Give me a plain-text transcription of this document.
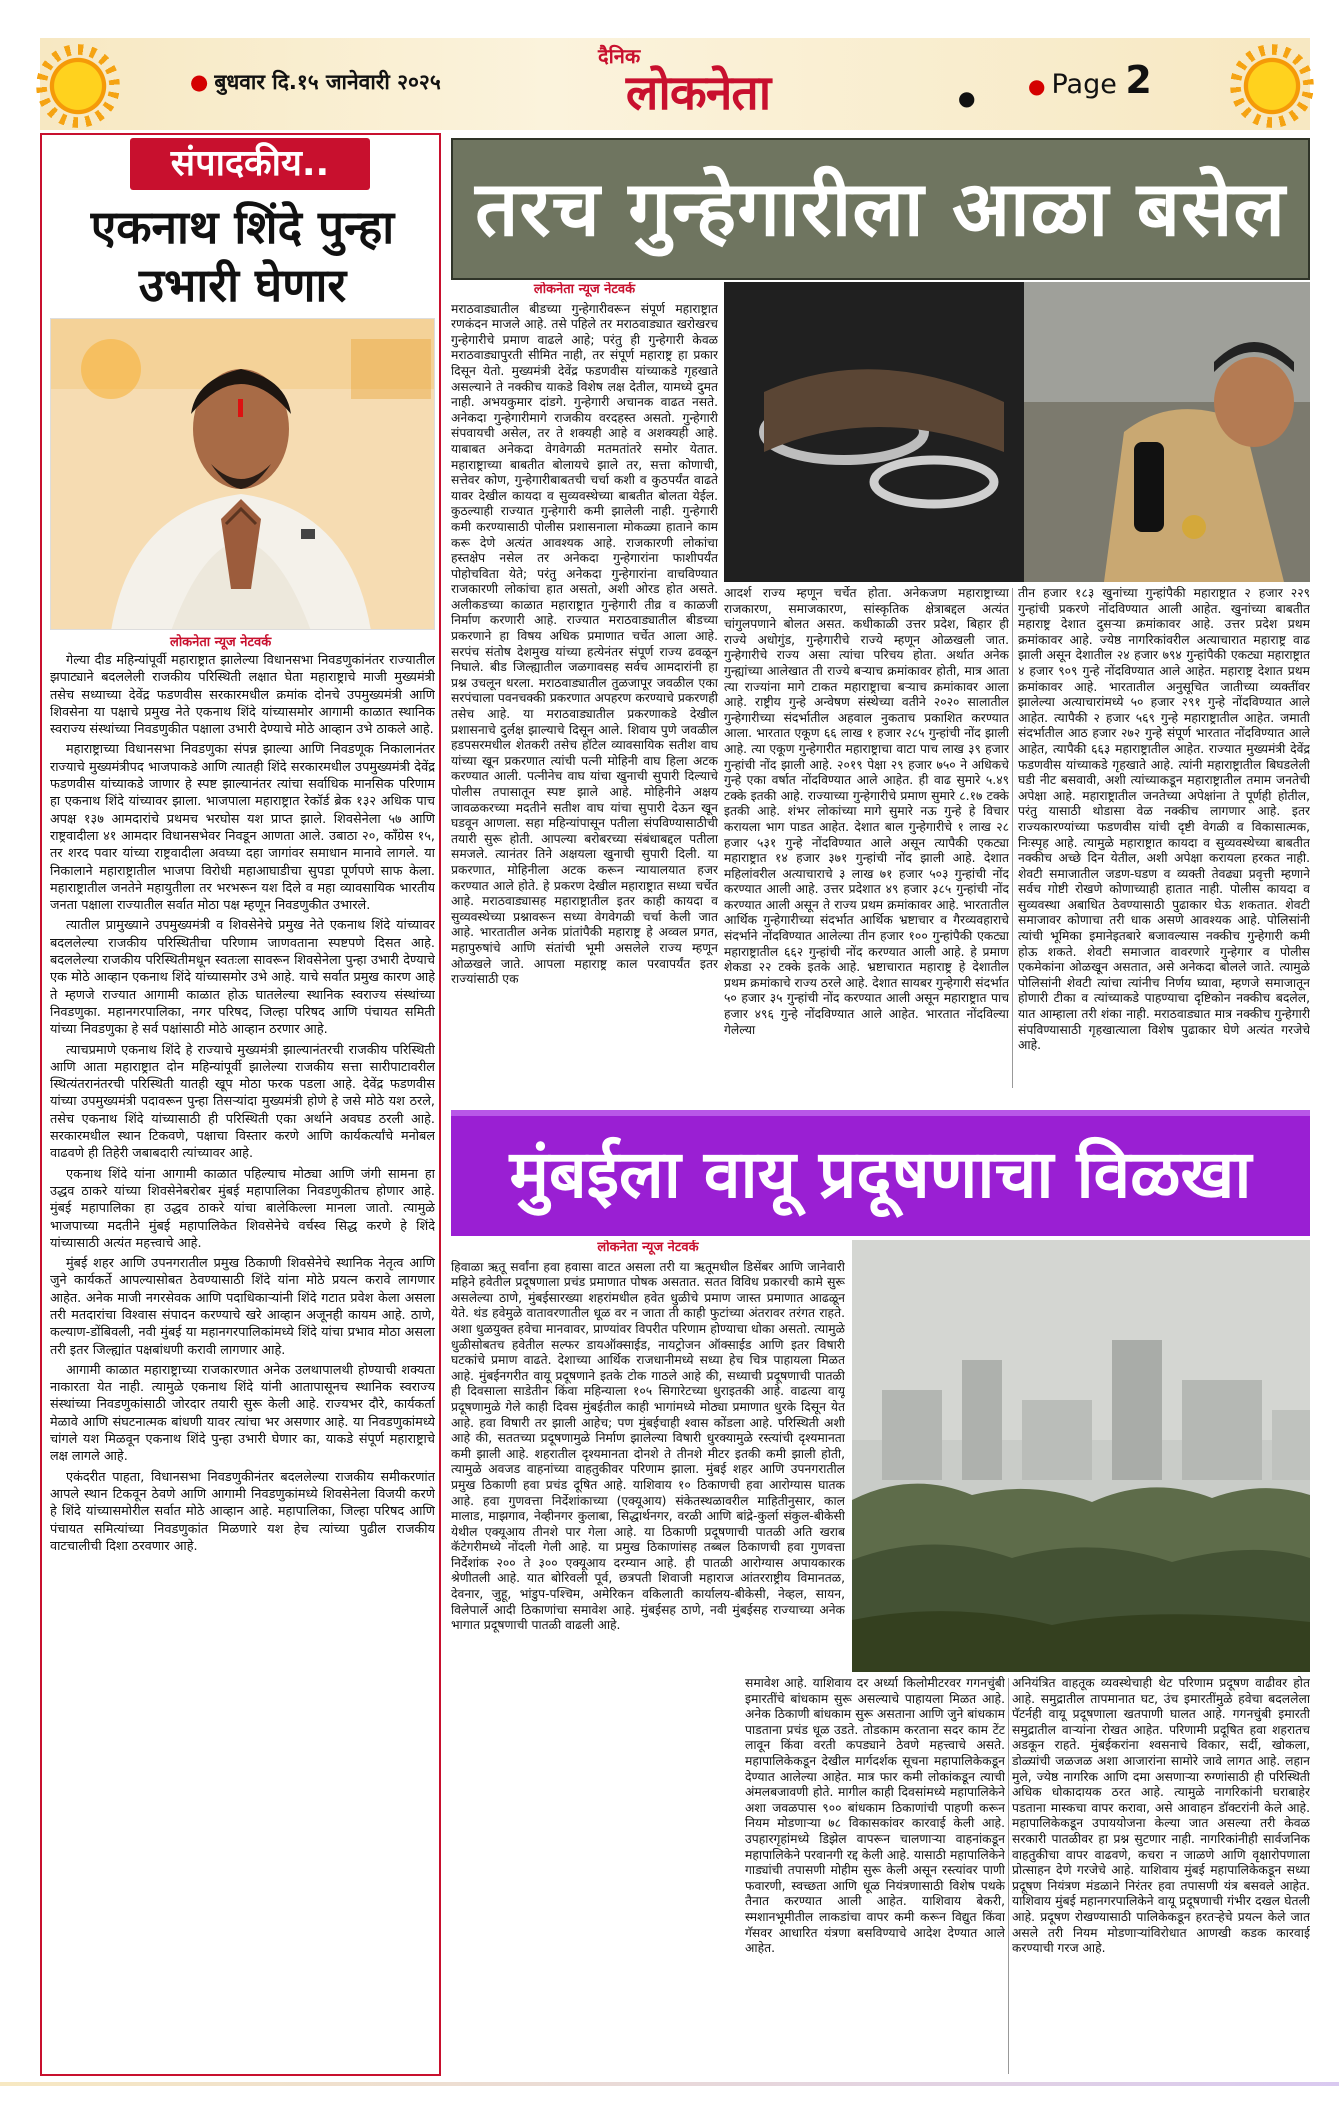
● बुधवार दि.१५ जानेवारी २०२५
दैनिक
लोकनेता	●
● Page 2
संपादकीय..
एकनाथ शिंदे पुन्हा
उभारी घेणार
लोकनेता न्यूज नेटवर्क

गेल्या दीड महिन्यांपूर्वी महाराष्ट्रात झालेल्या विधानसभा निवडणुकांनंतर राज्यातील झपाट्याने बदललेली राजकीय परिस्थिती लक्षात घेता महाराष्ट्राचे माजी मुख्यमंत्री तसेच सध्याच्या देवेंद्र फडणवीस सरकारमधील क्रमांक दोनचे उपमुख्यमंत्री आणि शिवसेना या पक्षाचे प्रमुख नेते एकनाथ शिंदे यांच्यासमोर आगामी काळात स्थानिक स्वराज्य संस्थांच्या निवडणुकीत पक्षाला उभारी देण्याचे मोठे आव्हान उभे ठाकले आहे.

महाराष्ट्राच्या विधानसभा निवडणुका संपन्न झाल्या आणि निवडणूक निकालानंतर राज्याचे मुख्यमंत्रीपद भाजपाकडे आणि त्यातही शिंदे सरकारमधील उपमुख्यमंत्री देवेंद्र फडणवीस यांच्याकडे जाणार हे स्पष्ट झाल्यानंतर त्यांचा सर्वाधिक मानसिक परिणाम हा एकनाथ शिंदे यांच्यावर झाला. भाजपाला महाराष्ट्रात रेकॉर्ड ब्रेक १३२ अधिक पाच अपक्ष १३७ आमदारांचे प्रथमच भरघोस यश प्राप्त झाले. शिवसेनेला ५७ आणि राष्ट्रवादीला ४१ आमदार विधानसभेवर निवडून आणता आले. उबाठा २०, काँग्रेस १५, तर शरद पवार यांच्या राष्ट्रवादीला अवघ्या दहा जागांवर समाधान मानावे लागले. या निकालाने महाराष्ट्रातील भाजपा विरोधी महाआघाडीचा सुपडा पूर्णपणे साफ केला. महाराष्ट्रातील जनतेने महायुतीला तर भरभरून यश दिले व महा व्यावसायिक भारतीय जनता पक्षाला राज्यातील सर्वात मोठा पक्ष म्हणून निवडणुकीत उभारले.

त्यातील प्रामुख्याने उपमुख्यमंत्री व शिवसेनेचे प्रमुख नेते एकनाथ शिंदे यांच्यावर बदललेल्या राजकीय परिस्थितीचा परिणाम जाणवताना स्पष्टपणे दिसत आहे. बदललेल्या राजकीय परिस्थितीमधून स्वतःला सावरून शिवसेनेला पुन्हा उभारी देण्याचे एक मोठे आव्हान एकनाथ शिंदे यांच्यासमोर उभे आहे. याचे सर्वात प्रमुख कारण आहे ते म्हणजे राज्यात आगामी काळात होऊ घातलेल्या स्थानिक स्वराज्य संस्थांच्या निवडणुका. महानगरपालिका, नगर परिषद, जिल्हा परिषद आणि पंचायत समिती यांच्या निवडणुका हे सर्व पक्षांसाठी मोठे आव्हान ठरणार आहे.

त्याचप्रमाणे एकनाथ शिंदे हे राज्याचे मुख्यमंत्री झाल्यानंतरची राजकीय परिस्थिती आणि आता महाराष्ट्रात दोन महिन्यांपूर्वी झालेल्या राजकीय सत्ता सारीपाटावरील स्थित्यंतरानंतरची परिस्थिती यातही खूप मोठा फरक पडला आहे. देवेंद्र फडणवीस यांच्या उपमुख्यमंत्री पदावरून पुन्हा तिसऱ्यांदा मुख्यमंत्री होणे हे जसे मोठे यश ठरले, तसेच एकनाथ शिंदे यांच्यासाठी ही परिस्थिती एका अर्थाने अवघड ठरली आहे. सरकारमधील स्थान टिकवणे, पक्षाचा विस्तार करणे आणि कार्यकर्त्यांचे मनोबल वाढवणे ही तिहेरी जबाबदारी त्यांच्यावर आहे.

एकनाथ शिंदे यांना आगामी काळात पहिल्याच मोठ्या आणि जंगी सामना हा उद्धव ठाकरे यांच्या शिवसेनेबरोबर मुंबई महापालिका निवडणुकीतच होणार आहे. मुंबई महापालिका हा उद्धव ठाकरे यांचा बालेकिल्ला मानला जातो. त्यामुळे भाजपाच्या मदतीने मुंबई महापालिकेत शिवसेनेचे वर्चस्व सिद्ध करणे हे शिंदे यांच्यासाठी अत्यंत महत्त्वाचे आहे.

मुंबई शहर आणि उपनगरातील प्रमुख ठिकाणी शिवसेनेचे स्थानिक नेतृत्व आणि जुने कार्यकर्ते आपल्यासोबत ठेवण्यासाठी शिंदे यांना मोठे प्रयत्न करावे लागणार आहेत. अनेक माजी नगरसेवक आणि पदाधिकाऱ्यांनी शिंदे गटात प्रवेश केला असला तरी मतदारांचा विश्वास संपादन करण्याचे खरे आव्हान अजूनही कायम आहे. ठाणे, कल्याण-डोंबिवली, नवी मुंबई या महानगरपालिकांमध्ये शिंदे यांचा प्रभाव मोठा असला तरी इतर जिल्ह्यांत पक्षबांधणी करावी लागणार आहे.

आगामी काळात महाराष्ट्राच्या राजकारणात अनेक उलथापालथी होण्याची शक्यता नाकारता येत नाही. त्यामुळे एकनाथ शिंदे यांनी आतापासूनच स्थानिक स्वराज्य संस्थांच्या निवडणुकांसाठी जोरदार तयारी सुरू केली आहे. राज्यभर दौरे, कार्यकर्ता मेळावे आणि संघटनात्मक बांधणी यावर त्यांचा भर असणार आहे. या निवडणुकांमध्ये चांगले यश मिळवून एकनाथ शिंदे पुन्हा उभारी घेणार का, याकडे संपूर्ण महाराष्ट्राचे लक्ष लागले आहे.

एकंदरीत पाहता, विधानसभा निवडणुकीनंतर बदललेल्या राजकीय समीकरणांत आपले स्थान टिकवून ठेवणे आणि आगामी निवडणुकांमध्ये शिवसेनेला विजयी करणे हे शिंदे यांच्यासमोरील सर्वात मोठे आव्हान आहे. महापालिका, जिल्हा परिषद आणि पंचायत समित्यांच्या निवडणुकांत मिळणारे यश हेच त्यांच्या पुढील राजकीय वाटचालीची दिशा ठरवणार आहे.

तरच गुन्हेगारीला आळा बसेल
लोकनेता न्यूज नेटवर्क
मराठवाड्यातील बीडच्या गुन्हेगारीवरून संपूर्ण महाराष्ट्रात रणकंदन माजले आहे. तसे पहिले तर मराठवाड्यात खरोखरच गुन्हेगारीचे प्रमाण वाढले आहे; परंतु ही गुन्हेगारी केवळ मराठवाड्यापुरती सीमित नाही, तर संपूर्ण महाराष्ट्र हा प्रकार दिसून येतो. मुख्यमंत्री देवेंद्र फडणवीस यांच्याकडे गृहखाते असल्याने ते नक्कीच याकडे विशेष लक्ष देतील, यामध्ये दुमत नाही. अभयकुमार दांडगे. गुन्हेगारी अचानक वाढत नसते. अनेकदा गुन्हेगारीमागे राजकीय वरदहस्त असतो. गुन्हेगारी संपवायची असेल, तर ते शक्यही आहे व अशक्यही आहे. याबाबत अनेकदा वेगवेगळी मतमतांतरे समोर येतात. महाराष्ट्राच्या बाबतीत बोलायचे झाले तर, सत्ता कोणाची, सत्तेवर कोण, गुन्हेगारीबाबतची चर्चा कशी व कुठपर्यंत वाढते यावर देखील कायदा व सुव्यवस्थेच्या बाबतीत बोलता येईल. कुठल्याही राज्यात गुन्हेगारी कमी झालेली नाही. गुन्हेगारी कमी करण्यासाठी पोलीस प्रशासनाला मोकळ्या हाताने काम करू देणे अत्यंत आवश्यक आहे. राजकारणी लोकांचा हस्तक्षेप नसेल तर अनेकदा गुन्हेगारांना फाशीपर्यंत पोहोचविता येते; परंतु अनेकदा गुन्हेगारांना वाचविण्यात राजकारणी लोकांचा हात असतो, अशी ओरड होत असते. अलीकडच्या काळात महाराष्ट्रात गुन्हेगारी तीव्र व काळजी निर्माण करणारी आहे. राज्यात मराठवाड्यातील बीडच्या प्रकरणाने हा विषय अधिक प्रमाणात चर्चेत आला आहे. सरपंच संतोष देशमुख यांच्या हत्येनंतर संपूर्ण राज्य ढवळून निघाले. बीड जिल्ह्यातील जळगावसह सर्वच आमदारांनी हा प्रश्न उचलून धरला. मराठवाड्यातील तुळजापूर जवळील एका सरपंचाला पवनचक्की प्रकरणात अपहरण करण्याचे प्रकरणही तसेच आहे. या मराठवाड्यातील प्रकरणाकडे देखील प्रशासनाचे दुर्लक्ष झाल्याचे दिसून आले. शिवाय पुणे जवळील हडपसरमधील शेतकरी तसेच हॉटेल व्यावसायिक सतीश वाघ यांच्या खून प्रकरणात त्यांची पत्नी मोहिनी वाघ हिला अटक करण्यात आली. पत्नीनेच वाघ यांचा खुनाची सुपारी दिल्याचे पोलीस तपासातून स्पष्ट झाले आहे. मोहिनीने अक्षय जावळकरच्या मदतीने सतीश वाघ यांचा सुपारी देऊन खून घडवून आणला. सहा महिन्यांपासून पतीला संपविण्यासाठीची तयारी सुरू होती. आपल्या बरोबरच्या संबंधाबद्दल पतीला समजले. त्यानंतर तिने अक्षयला खुनाची सुपारी दिली. या प्रकरणात, मोहिनीला अटक करून न्यायालयात हजर करण्यात आले होते. हे प्रकरण देखील महाराष्ट्रात सध्या चर्चेत आहे. मराठवाड्यासह महाराष्ट्रातील इतर काही कायदा व सुव्यवस्थेच्या प्रश्नावरून सध्या वेगवेगळी चर्चा केली जात आहे. भारतातील अनेक प्रांतांपैकी महाराष्ट्र हे अव्वल प्रगत, महापुरुषांचे आणि संतांची भूमी असलेले राज्य म्हणून ओळखले जाते. आपला महाराष्ट्र काल परवापर्यंत इतर राज्यांसाठी एक
आदर्श राज्य म्हणून चर्चेत होता. अनेकजण महाराष्ट्राच्या राजकारण, समाजकारण, सांस्कृतिक क्षेत्राबद्दल अत्यंत चांगुलपणाने बोलत असत. कधीकाळी उत्तर प्रदेश, बिहार ही राज्ये अधोगुंड, गुन्हेगारीचे राज्ये म्हणून ओळखली जात. गुन्हेगारीचे राज्य असा त्यांचा परिचय होता. अर्थात अनेक गुन्ह्यांच्या आलेखात ती राज्ये बऱ्याच क्रमांकावर होती, मात्र आता त्या राज्यांना मागे टाकत महाराष्ट्राचा बऱ्याच क्रमांकावर आला आहे. राष्ट्रीय गुन्हे अन्वेषण संस्थेच्या वतीने २०२० सालातील गुन्हेगारीच्या संदर्भातील अहवाल नुकताच प्रकाशित करण्यात आला. भारतात एकूण ६६ लाख १ हजार २८५ गुन्हांची नोंद झाली आहे. त्या एकूण गुन्हेगारीत महाराष्ट्राचा वाटा पाच लाख ३९ हजार गुन्हांची नोंद झाली आहे. २०१९ पेक्षा २९ हजार ७५० ने अधिकचे गुन्हे एका वर्षात नोंदविण्यात आले आहेत. ही वाढ सुमारे ५.४९ टक्के इतकी आहे. राज्याच्या गुन्हेगारीचे प्रमाण सुमारे ८.१७ टक्के इतकी आहे. शंभर लोकांच्या मागे सुमारे नऊ गुन्हे हे विचार करायला भाग पाडत आहेत. देशात बाल गुन्हेगारीचे १ लाख २८ हजार ५३१ गुन्हे नोंदविण्यात आले असून त्यापैकी एकट्या महाराष्ट्रात १४ हजार ३७१ गुन्हांची नोंद झाली आहे. देशात महिलांवरील अत्याचाराचे ३ लाख ७१ हजार ५०३ गुन्हांची नोंद करण्यात आली आहे. उत्तर प्रदेशात ४९ हजार ३८५ गुन्हांची नोंद करण्यात आली असून ते राज्य प्रथम क्रमांकावर आहे. भारतातील आर्थिक गुन्हेगारीच्या संदर्भात आर्थिक भ्रष्टाचार व गैरव्यवहाराचे संदर्भाने नोंदविण्यात आलेल्या तीन हजार १०० गुन्हांपैकी एकट्या महाराष्ट्रातील ६६२ गुन्हांची नोंद करण्यात आली आहे. हे प्रमाण शेकडा २२ टक्के इतके आहे. भ्रष्टाचारात महाराष्ट्र हे देशातील प्रथम क्रमांकाचे राज्य ठरले आहे. देशात सायबर गुन्हेगारी संदर्भात ५० हजार ३५ गुन्हांची नोंद करण्यात आली असून महाराष्ट्रात पाच हजार ४९६ गुन्हे नोंदविण्यात आले आहेत. भारतात नोंदविल्या गेलेल्या
तीन हजार १८३ खुनांच्या गुन्हांपैकी महाराष्ट्रात २ हजार २२९ गुन्हांची प्रकरणे नोंदविण्यात आली आहेत. खुनांच्या बाबतीत महाराष्ट्र देशात दुसऱ्या क्रमांकावर आहे. उत्तर प्रदेश प्रथम क्रमांकावर आहे. ज्येष्ठ नागरिकांवरील अत्याचारात महाराष्ट्र वाढ झाली असून देशातील २४ हजार ७९४ गुन्हांपैकी एकट्या महाराष्ट्रात ४ हजार ९०९ गुन्हे नोंदविण्यात आले आहेत. महाराष्ट्र देशात प्रथम क्रमांकावर आहे. भारतातील अनुसूचित जातीच्या व्यक्तींवर झालेल्या अत्याचारांमध्ये ५० हजार २९१ गुन्हे नोंदविण्यात आले आहेत. त्यापैकी २ हजार ५६९ गुन्हे महाराष्ट्रातील आहेत. जमाती संदर्भातील आठ हजार २७२ गुन्हे संपूर्ण भारतात नोंदविण्यात आले आहेत, त्यापैकी ६६३ महाराष्ट्रातील आहेत. राज्यात मुख्यमंत्री देवेंद्र फडणवीस यांच्याकडे गृहखाते आहे. त्यांनी महाराष्ट्रातील बिघडलेली घडी नीट बसवावी, अशी त्यांच्याकडून महाराष्ट्रातील तमाम जनतेची अपेक्षा आहे. महाराष्ट्रातील जनतेच्या अपेक्षांना ते पूर्णही होतील, परंतु यासाठी थोडासा वेळ नक्कीच लागणार आहे. इतर राज्यकारण्यांच्या फडणवीस यांची दृष्टी वेगळी व विकासात्मक, निःस्पृह आहे. त्यामुळे महाराष्ट्रात कायदा व सुव्यवस्थेच्या बाबतीत नक्कीच अच्छे दिन येतील, अशी अपेक्षा करायला हरकत नाही. शेवटी समाजातील जडण-घडण व व्यक्ती तेवढ्या प्रवृत्ती म्हणाने सर्वच गोष्टी रोखणे कोणाच्याही हातात नाही. पोलीस कायदा व सुव्यवस्था अबाधित ठेवण्यासाठी पुढाकार घेऊ शकतात. शेवटी समाजावर कोणाचा तरी धाक असणे आवश्यक आहे. पोलिसांनी त्यांची भूमिका इमानेइतबारे बजावल्यास नक्कीच गुन्हेगारी कमी होऊ शकते. शेवटी समाजात वावरणारे गुन्हेगार व पोलीस एकमेकांना ओळखून असतात, असे अनेकदा बोलले जाते. त्यामुळे पोलिसांनी शेवटी त्यांचा त्यांनीच निर्णय घ्यावा, म्हणजे समाजातून होणारी टीका व त्यांच्याकडे पाहण्याचा दृष्टिकोन नक्कीच बदलेल, यात आम्हाला तरी शंका नाही. मराठवाड्यात मात्र नक्कीच गुन्हेगारी संपविण्यासाठी गृहखात्याला विशेष पुढाकार घेणे अत्यंत गरजेचे आहे.
मुंबईला वायू प्रदूषणाचा विळखा
लोकनेता न्यूज नेटवर्क
हिवाळा ऋतू सर्वांना हवा हवासा वाटत असला तरी या ऋतूमधील डिसेंबर आणि जानेवारी महिने हवेतील प्रदूषणाला प्रचंड प्रमाणात पोषक असतात. सतत विविध प्रकारची कामे सुरू असलेल्या ठाणे, मुंबईसारख्या शहरांमधील हवेत धुळीचे प्रमाण जास्त प्रमाणात आढळून येते. थंड हवेमुळे वातावरणातील धूळ वर न जाता ती काही फुटांच्या अंतरावर तरंगत राहते. अशा धुळयुक्त हवेचा मानवावर, प्राण्यांवर विपरीत परिणाम होण्याचा धोका असतो. त्यामुळे धुळीसोबतच हवेतील सल्फर डायऑक्साईड, नायट्रोजन ऑक्साईड आणि इतर विषारी घटकांचे प्रमाण वाढते. देशाच्या आर्थिक राजधानीमध्ये सध्या हेच चित्र पाहायला मिळत आहे. मुंबईनगरीत वायू प्रदूषणाने इतके टोक गाठले आहे की, सध्याची प्रदूषणाची पातळी ही दिवसाला साडेतीन किंवा महिन्याला १०५ सिगारेटच्या धुराइतकी आहे. वाढत्या वायू प्रदूषणामुळे गेले काही दिवस मुंबईतील काही भागांमध्ये मोठ्या प्रमाणात धुरके दिसून येत आहे. हवा विषारी तर झाली आहेच; पण मुंबईचाही श्वास कोंडला आहे. परिस्थिती अशी आहे की, सततच्या प्रदूषणामुळे निर्माण झालेल्या विषारी धुरक्यामुळे रस्त्यांची दृश्यमानता कमी झाली आहे. शहरातील दृश्यमानता दोनशे ते तीनशे मीटर इतकी कमी झाली होती, त्यामुळे अवजड वाहनांच्या वाहतुकीवर परिणाम झाला. मुंबई शहर आणि उपनगरातील प्रमुख ठिकाणी हवा प्रचंड दूषित आहे. याशिवाय १० ठिकाणची हवा आरोग्यास घातक आहे. हवा गुणवत्ता निर्देशांकाच्या (एक्यूआय) संकेतस्थळावरील माहितीनुसार, काल मालाड, माझगाव, नेव्हीनगर कुलाबा, सिद्धार्थनगर, वरळी आणि बांद्रे-कुर्ला संकुल-बीकेसी येथील एक्यूआय तीनशे पार गेला आहे. या ठिकाणी प्रदूषणाची पातळी अति खराब कॅटेगरीमध्ये नोंदली गेली आहे. या प्रमुख ठिकाणांसह तब्बल ठिकाणची हवा गुणवत्ता निर्देशांक २०० ते ३०० एक्यूआय दरम्यान आहे. ही पातळी आरोग्यास अपायकारक श्रेणीतली आहे. यात बोरिवली पूर्व, छत्रपती शिवाजी महाराज आंतरराष्ट्रीय विमानतळ, देवनार, जुहू, भांडुप-पश्चिम, अमेरिकन वकिलाती कार्यालय-बीकेसी, नेव्हल, सायन, विलेपार्ले आदी ठिकाणांचा समावेश आहे. मुंबईसह ठाणे, नवी मुंबईसह राज्याच्या अनेक भागात प्रदूषणाची पातळी वाढली आहे.
समावेश आहे. याशिवाय दर अर्ध्या किलोमीटरवर गगनचुंबी इमारतींचे बांधकाम सुरू असल्याचे पाहायला मिळत आहे. अनेक ठिकाणी बांधकाम सुरू असताना आणि जुने बांधकाम पाडताना प्रचंड धूळ उडते. तोडकाम करताना सदर काम टेंट लावून किंवा वरती कपड्याने ठेवणे महत्त्वाचे असते. महापालिकेकडून देखील मार्गदर्शक सूचना महापालिकेकडून देण्यात आलेल्या आहेत. मात्र फार कमी लोकांकडून त्याची अंमलबजावणी होते. मागील काही दिवसांमध्ये महापालिकेने अशा जवळपास ९०० बांधकाम ठिकाणांची पाहणी करून नियम मोडणाऱ्या ७८ विकासकांवर कारवाई केली आहे. उपहारगृहांमध्ये डिझेल वापरून चालणाऱ्या वाहनांकडून महापालिकेने परवानगी रद्द केली आहे. यासाठी महापालिकेने गाड्यांची तपासणी मोहीम सुरू केली असून रस्त्यांवर पाणी फवारणी, स्वच्छता आणि धूळ नियंत्रणासाठी विशेष पथके तैनात करण्यात आली आहेत. याशिवाय बेकरी, स्मशानभूमीतील लाकडांचा वापर कमी करून विद्युत किंवा गॅसवर आधारित यंत्रणा बसविण्याचे आदेश देण्यात आले आहेत.
अनियंत्रित वाहतूक व्यवस्थेचाही थेट परिणाम प्रदूषण वाढीवर होत आहे. समुद्रातील तापमानात घट, उंच इमारतींमुळे हवेचा बदललेला पॅटर्नही वायू प्रदूषणाला खतपाणी घालत आहे. गगनचुंबी इमारती समुद्रातील वाऱ्यांना रोखत आहेत. परिणामी प्रदूषित हवा शहरातच अडकून राहते. मुंबईकरांना श्वसनाचे विकार, सर्दी, खोकला, डोळ्यांची जळजळ अशा आजारांना सामोरे जावे लागत आहे. लहान मुले, ज्येष्ठ नागरिक आणि दमा असणाऱ्या रुग्णांसाठी ही परिस्थिती अधिक धोकादायक ठरत आहे. त्यामुळे नागरिकांनी घराबाहेर पडताना मास्कचा वापर करावा, असे आवाहन डॉक्टरांनी केले आहे. महापालिकेकडून उपाययोजना केल्या जात असल्या तरी केवळ सरकारी पातळीवर हा प्रश्न सुटणार नाही. नागरिकांनीही सार्वजनिक वाहतुकीचा वापर वाढवणे, कचरा न जाळणे आणि वृक्षारोपणाला प्रोत्साहन देणे गरजेचे आहे. याशिवाय मुंबई महापालिकेकडून सध्या प्रदूषण नियंत्रण मंडळाने निरंतर हवा तपासणी यंत्र बसवले आहेत. याशिवाय मुंबई महानगरपालिकेने वायू प्रदूषणाची गंभीर दखल घेतली आहे. प्रदूषण रोखण्यासाठी पालिकेकडून हरतऱ्हेचे प्रयत्न केले जात असले तरी नियम मोडणाऱ्यांविरोधात आणखी कडक कारवाई करण्याची गरज आहे.
